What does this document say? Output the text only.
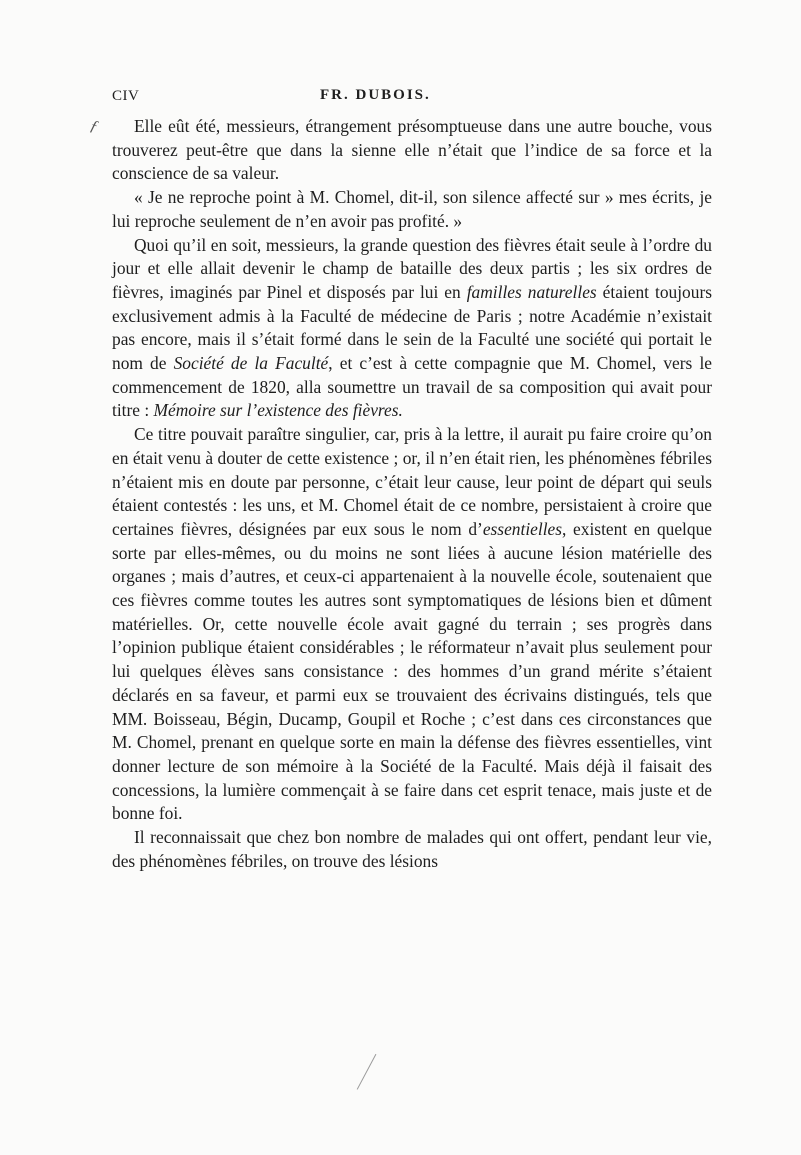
CIV	FR. DUBOIS.
ƒ	Elle eût été, messieurs, étrangement présomptueuse dans une autre bouche, vous trouverez peut-être que dans la sienne elle n’était que l’indice de sa force et la conscience de sa valeur.

« Je ne reproche point à M. Chomel, dit-il, son silence affecté sur » mes écrits, je lui reproche seulement de n’en avoir pas profité. »

Quoi qu’il en soit, messieurs, la grande question des fièvres était seule à l’ordre du jour et elle allait devenir le champ de bataille des deux partis ; les six ordres de fièvres, imaginés par Pinel et disposés par lui en familles naturelles étaient toujours exclusivement admis à la Faculté de médecine de Paris ; notre Académie n’existait pas encore, mais il s’était formé dans le sein de la Faculté une société qui portait le nom de Société de la Faculté, et c’est à cette compagnie que M. Chomel, vers le commencement de 1820, alla soumettre un travail de sa composition qui avait pour titre : Mémoire sur l’existence des fièvres.

Ce titre pouvait paraître singulier, car, pris à la lettre, il aurait pu faire croire qu’on en était venu à douter de cette existence ; or, il n’en était rien, les phénomènes fébriles n’étaient mis en doute par personne, c’était leur cause, leur point de départ qui seuls étaient contestés : les uns, et M. Chomel était de ce nombre, persistaient à croire que certaines fièvres, désignées par eux sous le nom d’essentielles, existent en quelque sorte par elles-mêmes, ou du moins ne sont liées à aucune lésion matérielle des organes ; mais d’autres, et ceux-ci appartenaient à la nouvelle école, soutenaient que ces fièvres comme toutes les autres sont symptomatiques de lésions bien et dûment matérielles. Or, cette nouvelle école avait gagné du terrain ; ses progrès dans l’opinion publique étaient considérables ; le réformateur n’avait plus seulement pour lui quelques élèves sans consistance : des hommes d’un grand mérite s’étaient déclarés en sa faveur, et parmi eux se trouvaient des écrivains distingués, tels que MM. Boisseau, Bégin, Ducamp, Goupil et Roche ; c’est dans ces circonstances que M. Chomel, prenant en quelque sorte en main la défense des fièvres essentielles, vint donner lecture de son mémoire à la Société de la Faculté. Mais déjà il faisait des concessions, la lumière commençait à se faire dans cet esprit tenace, mais juste et de bonne foi.

Il reconnaissait que chez bon nombre de malades qui ont offert, pendant leur vie, des phénomènes fébriles, on trouve des lésions
